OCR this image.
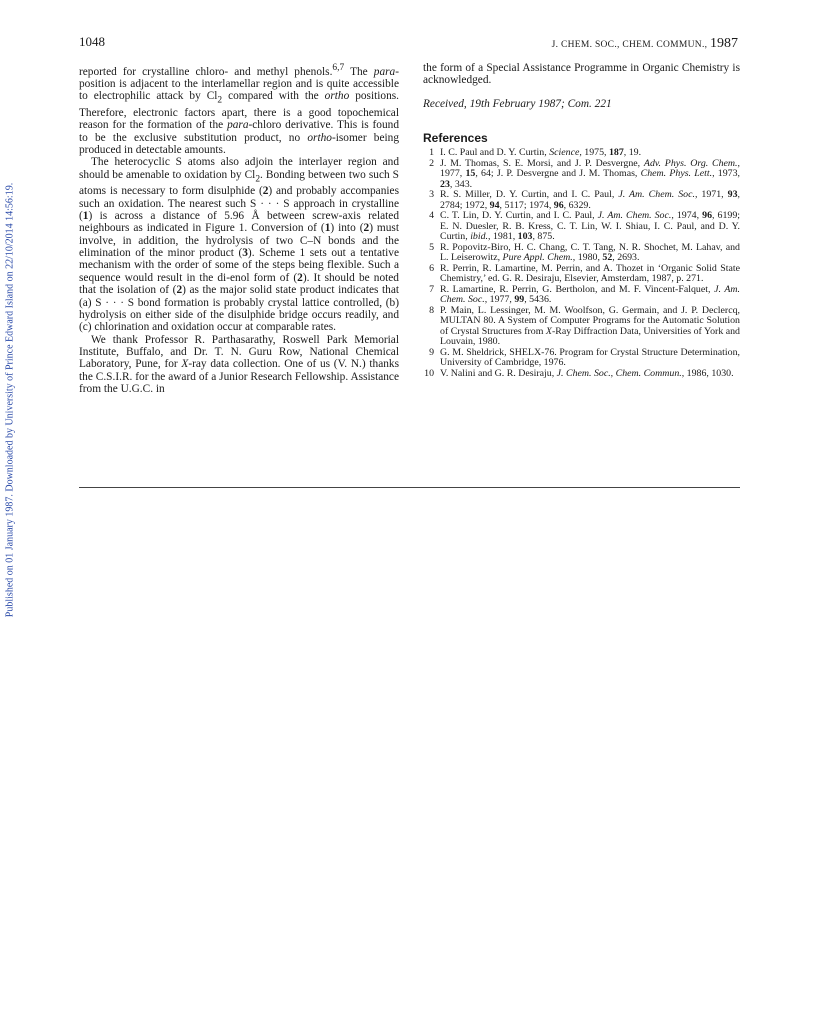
1048	J. CHEM. SOC., CHEM. COMMUN., 1987
Published on 01 January 1987. Downloaded by University of Prince Edward Island on 22/10/2014 14:56:19.

reported for crystalline chloro- and methyl phenols.$^{6,7}$ The para-position is adjacent to the interlamellar region and is quite accessible to electrophilic attack by $Cl_2$ compared with the ortho positions. Therefore, electronic factors apart, there is a good topochemical reason for the formation of the para-chloro derivative. This is found to be the exclusive substitution product, no ortho-isomer being produced in detectable amounts.

The heterocyclic S atoms also adjoin the interlayer region and should be amenable to oxidation by $Cl_2$. Bonding between two such S atoms is necessary to form disulphide (2) and probably accompanies such an oxidation. The nearest such S · · · S approach in crystalline (1) is across a distance of 5.96 Å between screw-axis related neighbours as indicated in Figure 1. Conversion of (1) into (2) must involve, in addition, the hydrolysis of two C–N bonds and the elimination of the minor product (3). Scheme 1 sets out a tentative mechanism with the order of some of the steps being flexible. Such a sequence would result in the di-enol form of (2). It should be noted that the isolation of (2) as the major solid state product indicates that (a) S · · · S bond formation is probably crystal lattice controlled, (b) hydrolysis on either side of the disulphide bridge occurs readily, and (c) chlorination and oxidation occur at comparable rates.

We thank Professor R. Parthasarathy, Roswell Park Memorial Institute, Buffalo, and Dr. T. N. Guru Row, National Chemical Laboratory, Pune, for X-ray data collection. One of us (V. N.) thanks the C.S.I.R. for the award of a Junior Research Fellowship. Assistance from the U.G.C. in

the form of a Special Assistance Programme in Organic Chemistry is acknowledged.

Received, 19th February 1987; Com. 221

References
1 I. C. Paul and D. Y. Curtin, Science, 1975, 187, 19.
2 J. M. Thomas, S. E. Morsi, and J. P. Desvergne, Adv. Phys. Org. Chem., 1977, 15, 64; J. P. Desvergne and J. M. Thomas, Chem. Phys. Lett., 1973, 23, 343.
3 R. S. Miller, D. Y. Curtin, and I. C. Paul, J. Am. Chem. Soc., 1971, 93, 2784; 1972, 94, 5117; 1974, 96, 6329.
4 C. T. Lin, D. Y. Curtin, and I. C. Paul, J. Am. Chem. Soc., 1974, 96, 6199; E. N. Duesler, R. B. Kress, C. T. Lin, W. I. Shiau, I. C. Paul, and D. Y. Curtin, ibid., 1981, 103, 875.
5 R. Popovitz-Biro, H. C. Chang, C. T. Tang, N. R. Shochet, M. Lahav, and L. Leiserowitz, Pure Appl. Chem., 1980, 52, 2693.
6 R. Perrin, R. Lamartine, M. Perrin, and A. Thozet in ‘Organic Solid State Chemistry,’ ed. G. R. Desiraju, Elsevier, Amsterdam, 1987, p. 271.
7 R. Lamartine, R. Perrin, G. Bertholon, and M. F. Vincent-Falquet, J. Am. Chem. Soc., 1977, 99, 5436.
8 P. Main, L. Lessinger, M. M. Woolfson, G. Germain, and J. P. Declercq, MULTAN 80. A System of Computer Programs for the Automatic Solution of Crystal Structures from X-Ray Diffraction Data, Universities of York and Louvain, 1980.
9 G. M. Sheldrick, SHELX-76. Program for Crystal Structure Determination, University of Cambridge, 1976.
10 V. Nalini and G. R. Desiraju, J. Chem. Soc., Chem. Commun., 1986, 1030.
